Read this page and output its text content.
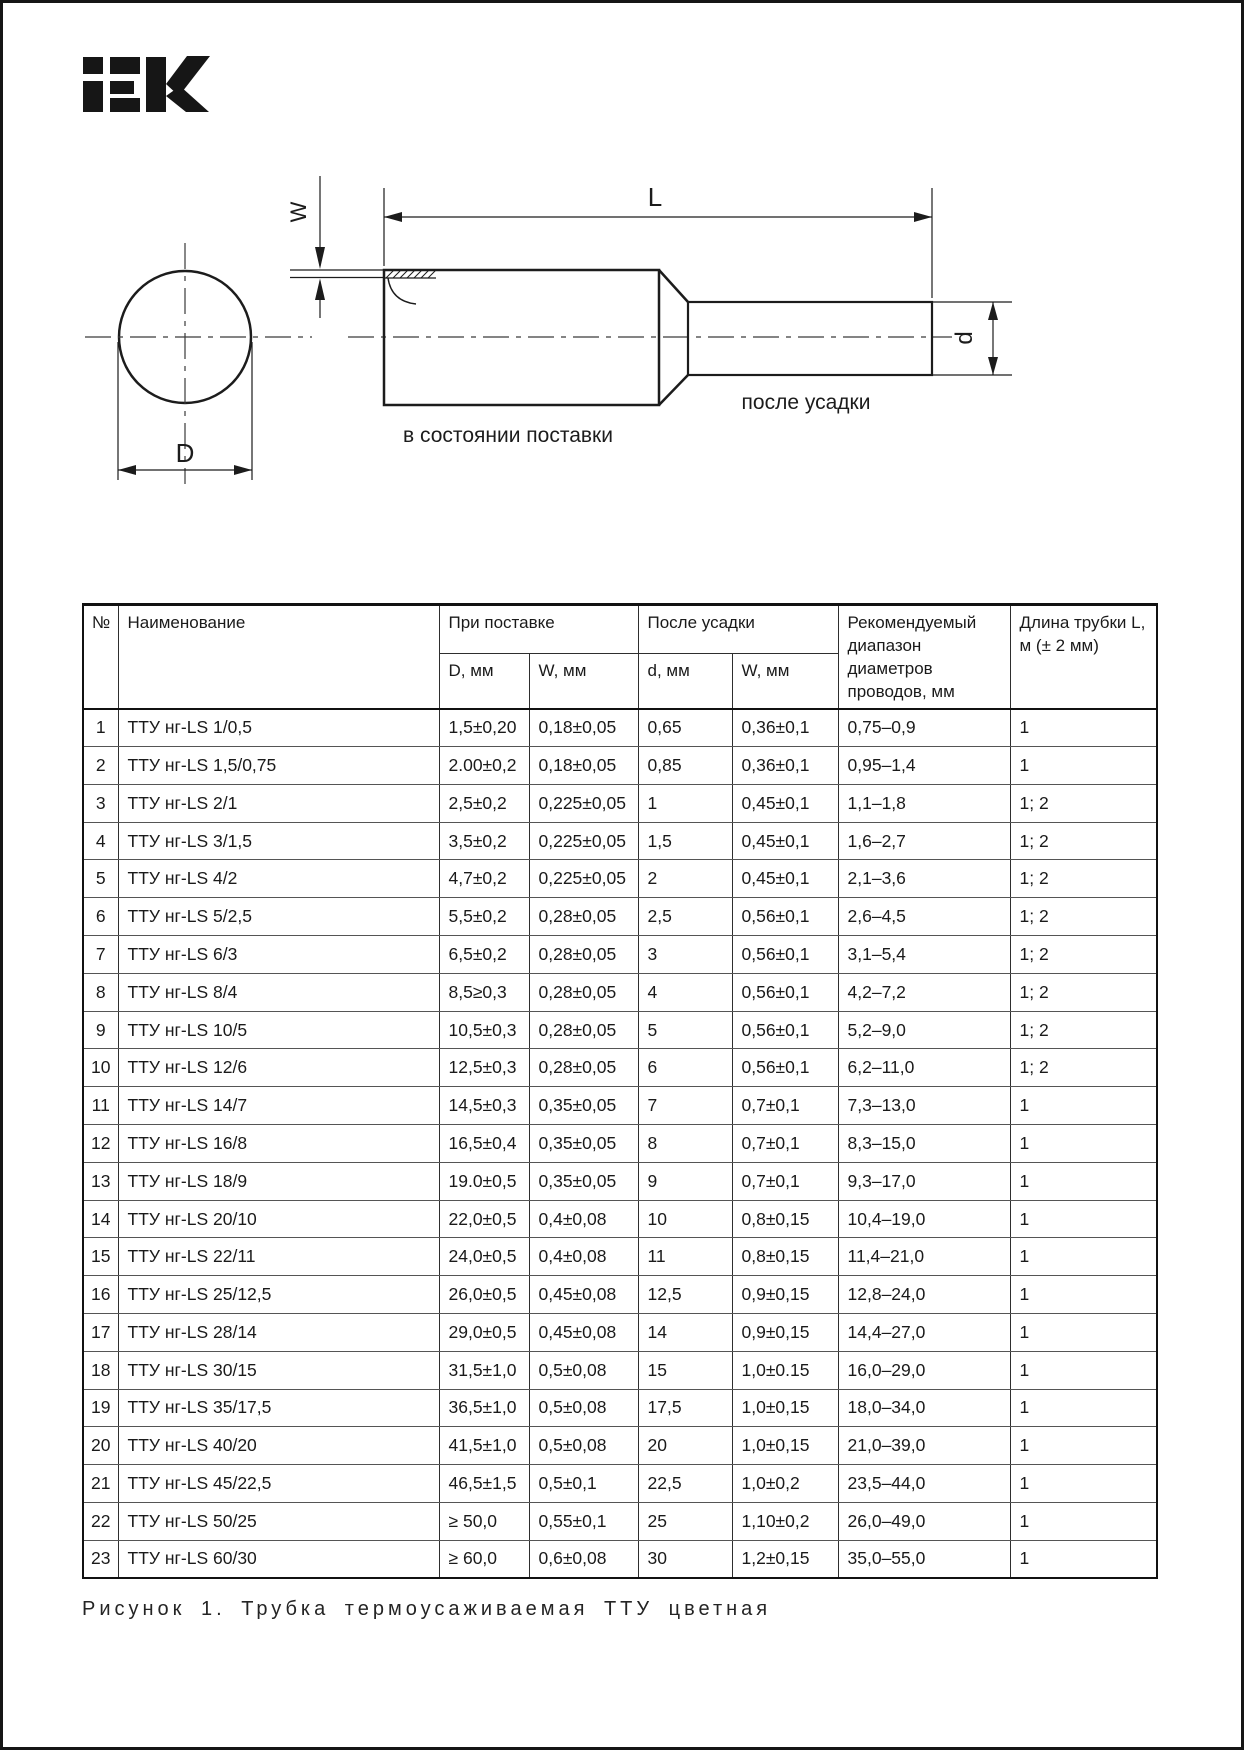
D
W	L
d
после усадки
в состоянии поставки
№	Наименование	При поставке		После усадки		Рекомендуемый диапазон диаметров проводов, мм	Длина трубки L, м (± 2 мм)
		D, мм	W, мм	d, мм	W, мм		
1	ТТУ нг-LS 1/0,5	1,5±0,20	0,18±0,05	0,65	0,36±0,1	0,75–0,9	1
2	ТТУ нг-LS 1,5/0,75	2.00±0,2	0,18±0,05	0,85	0,36±0,1	0,95–1,4	1
3	ТТУ нг-LS 2/1	2,5±0,2	0,225±0,05	1	0,45±0,1	1,1–1,8	1; 2
4	ТТУ нг-LS 3/1,5	3,5±0,2	0,225±0,05	1,5	0,45±0,1	1,6–2,7	1; 2
5	ТТУ нг-LS 4/2	4,7±0,2	0,225±0,05	2	0,45±0,1	2,1–3,6	1; 2
6	ТТУ нг-LS 5/2,5	5,5±0,2	0,28±0,05	2,5	0,56±0,1	2,6–4,5	1; 2
7	ТТУ нг-LS 6/3	6,5±0,2	0,28±0,05	3	0,56±0,1	3,1–5,4	1; 2
8	ТТУ нг-LS 8/4	8,5≥0,3	0,28±0,05	4	0,56±0,1	4,2–7,2	1; 2
9	ТТУ нг-LS 10/5	10,5±0,3	0,28±0,05	5	0,56±0,1	5,2–9,0	1; 2
10	ТТУ нг-LS 12/6	12,5±0,3	0,28±0,05	6	0,56±0,1	6,2–11,0	1; 2
11	ТТУ нг-LS 14/7	14,5±0,3	0,35±0,05	7	0,7±0,1	7,3–13,0	1
12	ТТУ нг-LS 16/8	16,5±0,4	0,35±0,05	8	0,7±0,1	8,3–15,0	1
13	ТТУ нг-LS 18/9	19.0±0,5	0,35±0,05	9	0,7±0,1	9,3–17,0	1
14	ТТУ нг-LS 20/10	22,0±0,5	0,4±0,08	10	0,8±0,15	10,4–19,0	1
15	ТТУ нг-LS 22/11	24,0±0,5	0,4±0,08	11	0,8±0,15	11,4–21,0	1
16	ТТУ нг-LS 25/12,5	26,0±0,5	0,45±0,08	12,5	0,9±0,15	12,8–24,0	1
17	ТТУ нг-LS 28/14	29,0±0,5	0,45±0,08	14	0,9±0,15	14,4–27,0	1
18	ТТУ нг-LS 30/15	31,5±1,0	0,5±0,08	15	1,0±0.15	16,0–29,0	1
19	ТТУ нг-LS 35/17,5	36,5±1,0	0,5±0,08	17,5	1,0±0,15	18,0–34,0	1
20	ТТУ нг-LS 40/20	41,5±1,0	0,5±0,08	20	1,0±0,15	21,0–39,0	1
21	ТТУ нг-LS 45/22,5	46,5±1,5	0,5±0,1	22,5	1,0±0,2	23,5–44,0	1
22	ТТУ нг-LS 50/25	≥ 50,0	0,55±0,1	25	1,10±0,2	26,0–49,0	1
23	ТТУ нг-LS 60/30	≥ 60,0	0,6±0,08	30	1,2±0,15	35,0–55,0	1
Рисунок 1. Трубка термоусаживаемая ТТУ цветная
